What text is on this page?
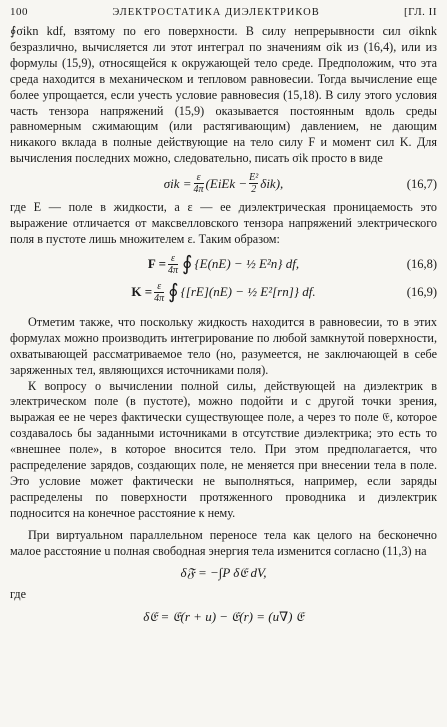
100	ЭЛЕКТРОСТАТИКА ДИЭЛЕКТРИКОВ	[ГЛ. II

∮σikn kdf, взятому по его поверхности. В силу непрерывности сил σiknk безразлично, вычисляется ли этот интеграл по значениям σik из (16,4), или из формулы (15,9), относящейся к окружающей тело среде. Предположим, что эта среда находится в механическом и тепловом равновесии. Тогда вычисление еще более упрощается, если учесть условие равновесия (15,18). В силу этого условия часть тензора напряжений (15,9) оказывается постоянным вдоль среды равномерным сжимающим (или растягивающим) давлением, не дающим никакого вклада в полные действующие на тело силу F и момент сил K. Для вычисления последних можно, следовательно, писать σik просто в виде

$\sigma ik = \frac{\varepsilon}{4\pi}$ (EiEk − $\frac{\text{E²}}{2} \delta ik$),	(16,7)

где E — поле в жидкости, а ε — ее диэлектрическая проницаемость это выражение отличается от максвелловского тензора напряжений электрического поля в пустоте лишь множителем ε. Таким образом:

$F = \frac{\varepsilon}{4\pi}$ ∮ {E(nE) − ½ E²n} df,	(16,8)
$K = \frac{\varepsilon}{4\pi}$ ∮ {[rE](nE) − ½ E²[rn]} df.	(16,9)

Отметим также, что поскольку жидкость находится в равновесии, то в этих формулах можно производить интегрирование по любой замкнутой поверхности, охватывающей рассматриваемое тело (но, разумеется, не заключающей в себе заряженных тел, являющихся источниками поля).

К вопросу о вычислении полной силы, действующей на диэлектрик в электрическом поле (в пустоте), можно подойти и с другой точки зрения, выражая ее не через фактически существующее поле, а через то поле 𝔈, которое создавалось бы заданными источниками в отсутствие диэлектрика; это есть то «внешнее поле», в которое вносится тело. При этом предполагается, что распределение зарядов, создающих поле, не меняется при внесении тела в поле. Это условие может фактически не выполняться, например, если заряды распределены по поверхности протяженного проводника и диэлектрик подносится на конечное расстояние к нему.

При виртуальном параллельном переносе тела как целого на бесконечно малое расстояние u полная свободная энергия тела изменится согласно (11,3) на

δ𝔉 = −∫P δ𝔈 dV,

где

δ𝔈 = 𝔈(r + u) − 𝔈(r) = (u∇) 𝔈
